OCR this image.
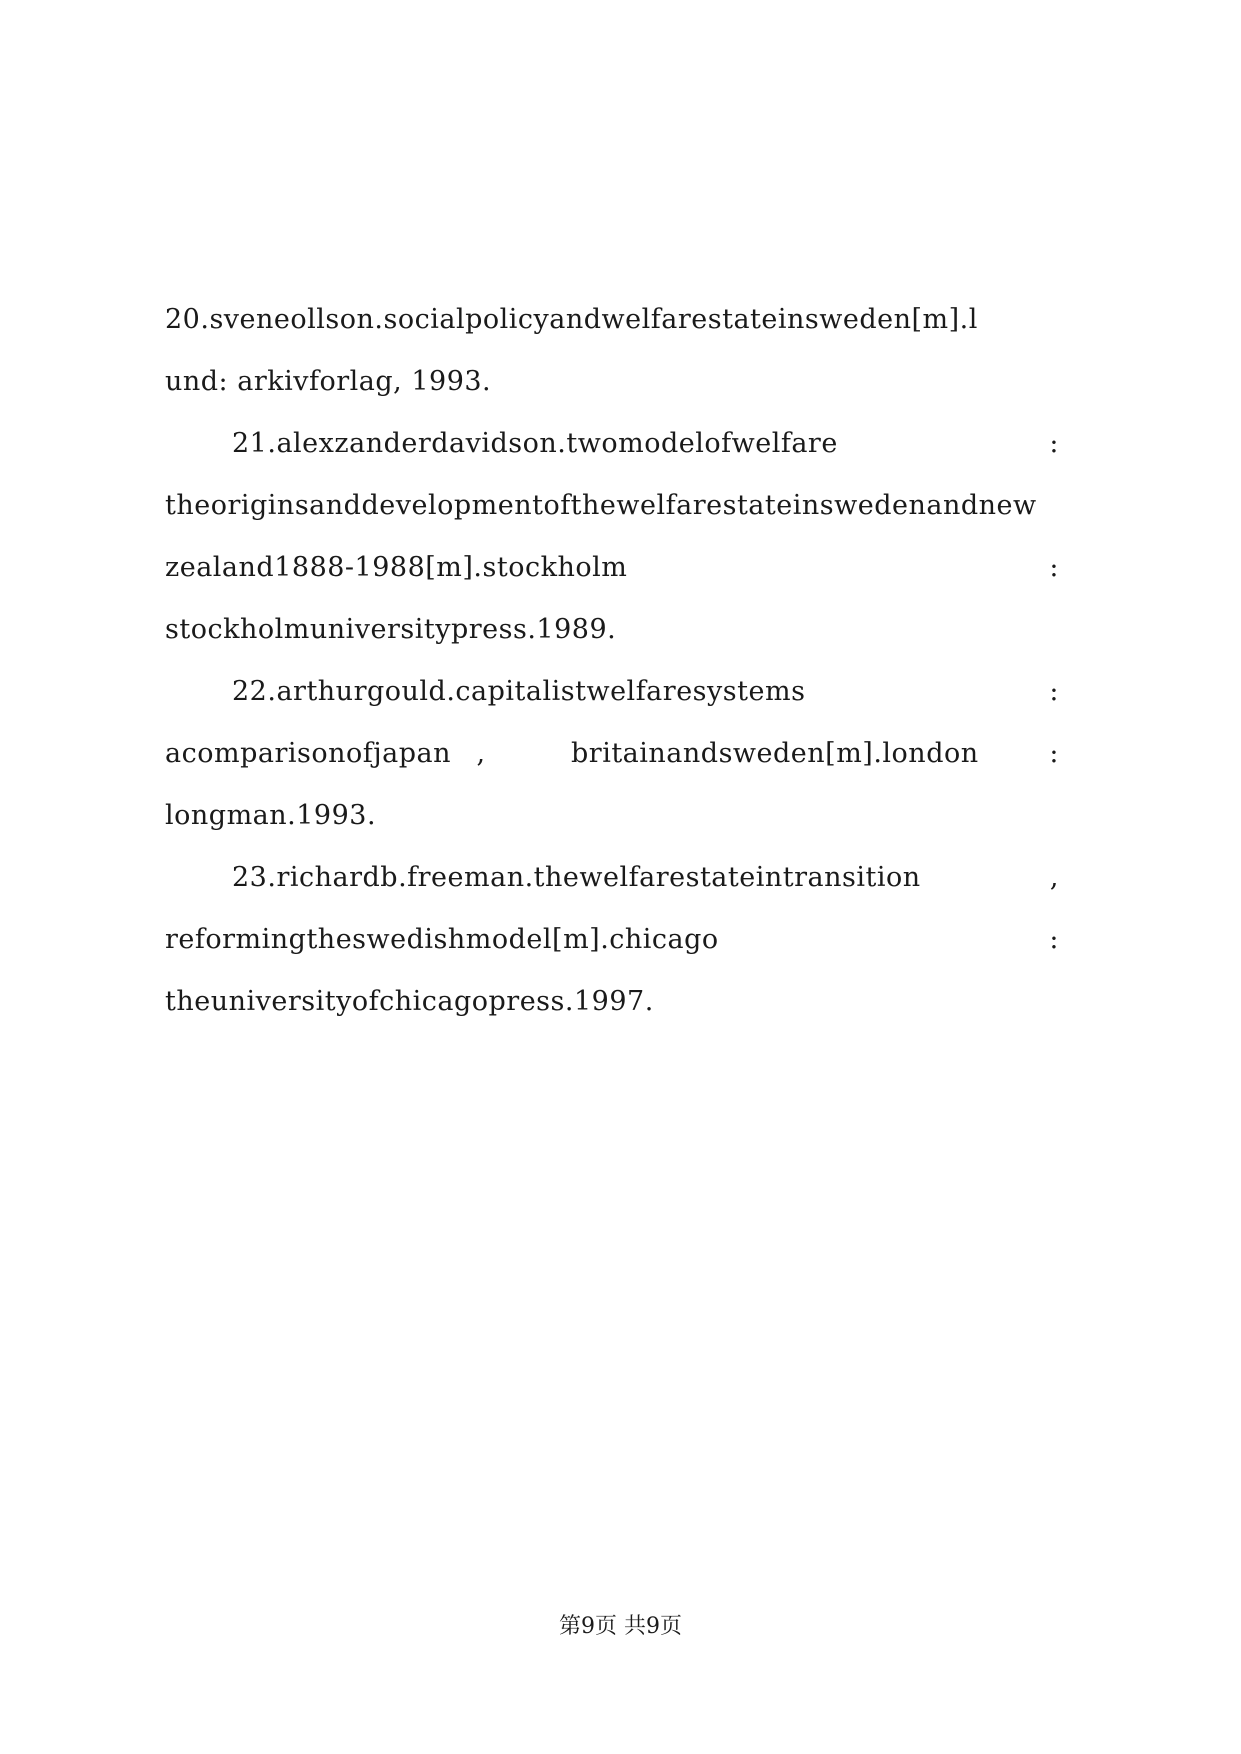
20.sveneollson.socialpolicyandwelfarestateinsweden[m].l
und: arkivforlag, 1993.
21.alexzanderdavidson.twomodelofwelfare	:
theoriginsanddevelopmentofthewelfarestateinswedenandnew
zealand1888-1988[m].stockholm	:
stockholmuniversitypress.1989.
22.arthurgould.capitalistwelfaresystems	:
acomparisonofjapan ,	britainandsweden[m].london	:
longman.1993.
23.richardb.freeman.thewelfarestateintransition	,
reformingtheswedishmodel[m].chicago	:
theuniversityofchicagopress.1997.
第9页 共9页
